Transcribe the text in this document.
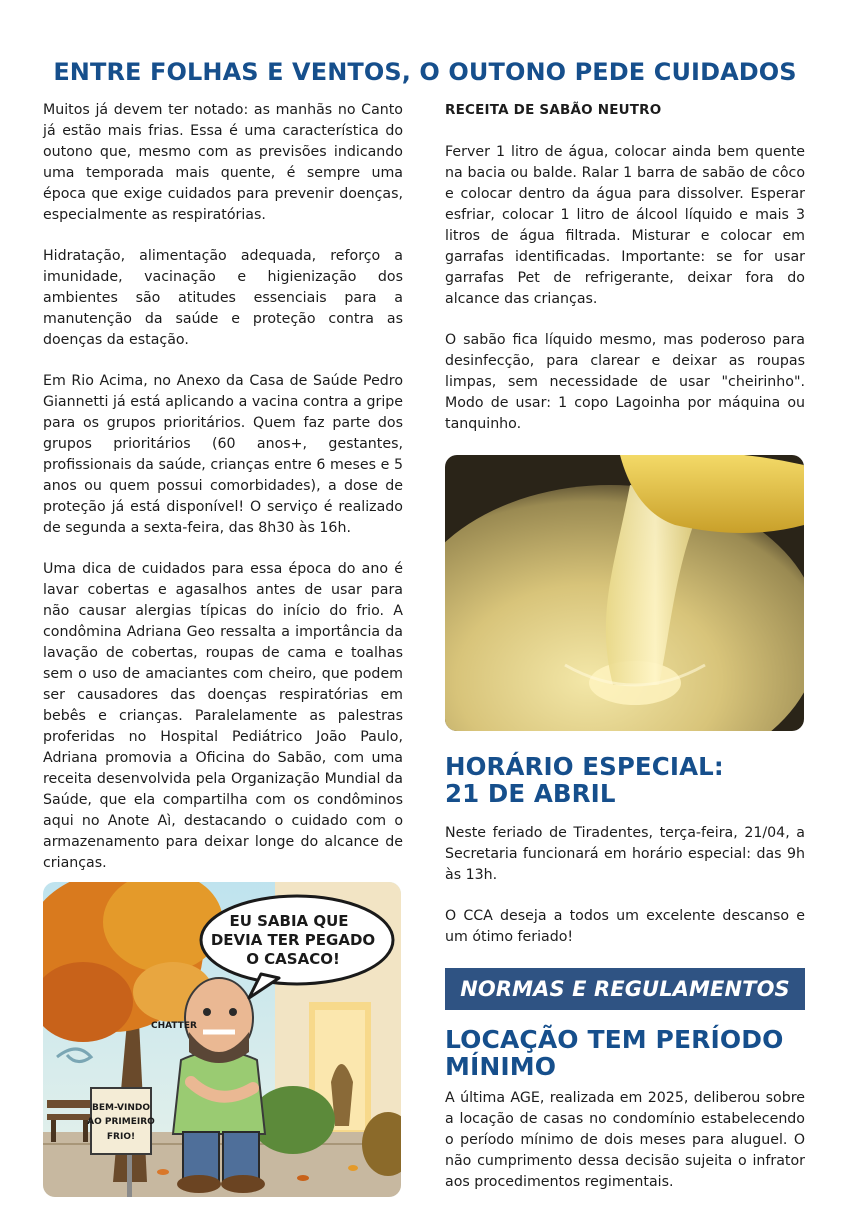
ENTRE FOLHAS E VENTOS, O OUTONO PEDE CUIDADOS

Muitos já devem ter notado: as manhãs no Canto já estão mais frias. Essa é uma característica do outono que, mesmo com as previsões indicando uma temporada mais quente, é sempre uma época que exige cuidados para prevenir doenças, especialmente as respiratórias.

Hidratação, alimentação adequada, reforço a imunidade, vacinação e higienização dos ambientes são atitudes essenciais para a manutenção da saúde e proteção contra as doenças da estação.

Em Rio Acima, no Anexo da Casa de Saúde Pedro Giannetti já está aplicando a vacina contra a gripe para os grupos prioritários. Quem faz parte dos grupos prioritários (60 anos+, gestantes, profissionais da saúde, crianças entre 6 meses e 5 anos ou quem possui comorbidades), a dose de proteção já está disponível! O serviço é realizado de segunda a sexta-feira, das 8h30 às 16h.

Uma dica de cuidados para essa época do ano é lavar cobertas e agasalhos antes de usar para não causar alergias típicas do início do frio. A condômina Adriana Geo ressalta a importância da lavação de cobertas, roupas de cama e toalhas sem o uso de amaciantes com cheiro, que podem ser causadores das doenças respiratórias em bebês e crianças. Paralelamente as palestras proferidas no Hospital Pediátrico João Paulo, Adriana promovia a Oficina do Sabão, com uma receita desenvolvida pela Organização Mundial da Saúde, que ela compartilha com os condôminos aqui no Anote Aì, destacando o cuidado com o armazenamento para deixar longe do alcance de crianças.

EU SABIA QUE
DEVIA TER PEGADO
O CASACO!
CHATTER
BEM-VINDO
AO PRIMEIRO
FRIO!
RECEITA DE SABÃO NEUTRO

Ferver 1 litro de água, colocar ainda bem quente na bacia ou balde. Ralar 1 barra de sabão de côco e colocar dentro da água para dissolver. Esperar esfriar, colocar 1 litro de álcool líquido e mais 3 litros de água filtrada. Misturar e colocar em garrafas identificadas. Importante: se for usar garrafas Pet de refrigerante, deixar fora do alcance das crianças.

O sabão fica líquido mesmo, mas poderoso para desinfecção, para clarear e deixar as roupas limpas, sem necessidade de usar "cheirinho". Modo de usar: 1 copo Lagoinha por máquina ou tanquinho.

HORÁRIO ESPECIAL:
21 DE ABRIL

Neste feriado de Tiradentes, terça-feira, 21/04, a Secretaria funcionará em horário especial: das 9h às 13h.

O CCA deseja a todos um excelente descanso e um ótimo feriado!

NORMAS E REGULAMENTOS
LOCAÇÃO TEM PERÍODO
MÍNIMO

A última AGE, realizada em 2025, deliberou sobre a locação de casas no condomínio estabelecendo o período mínimo de dois meses para aluguel. O não cumprimento dessa decisão sujeita o infrator aos procedimentos regimentais.
